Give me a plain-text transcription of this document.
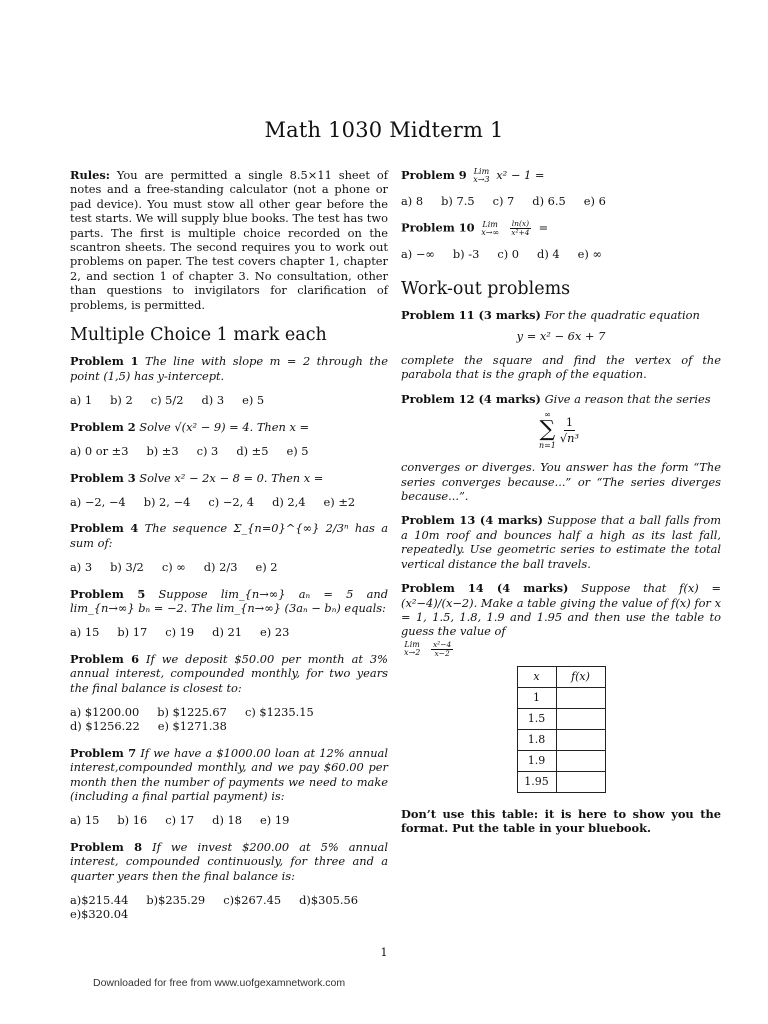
Math 1030 Midterm 1

Rules: You are permitted a single 8.5×11 sheet of notes and a free-standing calculator (not a phone or pad device). You must stow all other gear before the test starts. We will supply blue books. The test has two parts. The first is multiple choice recorded on the scantron sheets. The second requires you to work out problems on paper. The test covers chapter 1, chapter 2, and section 1 of chapter 3. No consultation, other than questions to invigilators for clarification of problems, is permitted.

Multiple Choice 1 mark each

Problem 1 The line with slope m = 2 through the point (1,5) has y-intercept.

a) 1 b) 2 c) 5/2 d) 3 e) 5

Problem 2 Solve √(x² − 9) = 4. Then x =

a) 0 or ±3 b) ±3 c) 3 d) ±5 e) 5

Problem 3 Solve x² − 2x − 8 = 0. Then x =

a) −2, −4 b) 2, −4 c) −2, 4 d) 2,4 e) ±2

Problem 4 The sequence Σ_{n=0}^{∞} 2/3ⁿ has a sum of:

a) 3 b) 3/2 c) ∞ d) 2/3 e) 2

Problem 5 Suppose lim_{n→∞} aₙ = 5 and lim_{n→∞} bₙ = −2. The lim_{n→∞} (3aₙ − bₙ) equals:

a) 15 b) 17 c) 19 d) 21 e) 23

Problem 6 If we deposit $50.00 per month at 3% annual interest, compounded monthly, for two years the final balance is closest to:

a) $1200.00 b) $1225.67 c) $1235.15
d) $1256.22 e) $1271.38

Problem 7 If we have a $1000.00 loan at 12% annual interest,compounded monthly, and we pay $60.00 per month then the number of payments we need to make (including a final partial payment) is:

a) 15 b) 16 c) 17 d) 18 e) 19

Problem 8 If we invest $200.00 at 5% annual interest, compounded continuously, for three and a quarter years then the final balance is:

a)$215.44 b)$235.29 c)$267.45 d)$305.56
e)$320.04

Problem 9 Lim
x→3 x² − 1 =

a) 8 b) 7.5 c) 7 d) 6.5 e) 6

Problem 10 Lim
x→∞
$\frac{\ln(x)}{\text{x²+4}}$ =

a) −∞ b) -3 c) 0 d) 4 e) ∞
Work-out problems

Problem 11 (3 marks) For the quadratic equation

y = x² − 6x + 7

complete the square and find the vertex of the parabola that is the graph of the equation.

Problem 12 (4 marks) Give a reason that the series

∞
∑
n=1
$\frac{1}{\text{√n³}}$

converges or diverges. You answer has the form “The series converges because...” or “The series diverges because...”.

Problem 13 (4 marks) Suppose that a ball falls from a 10m roof and bounces half a high as its last fall, repeatedly. Use geometric series to estimate the total vertical distance the ball travels.

Problem 14 (4 marks) Suppose that f(x) = (x²−4)/(x−2). Make a table giving the value of f(x) for x = 1, 1.5, 1.8, 1.9 and 1.95 and then use the table to guess the value of

Lim
x→2
$\frac{\text{x²−4}}{x-2}$
x	f(x)
1	
1.5	
1.8	
1.9	
1.95	

Don’t use this table: it is here to show you the format. Put the table in your bluebook.

1
Downloaded for free from www.uofgexamnetwork.com
